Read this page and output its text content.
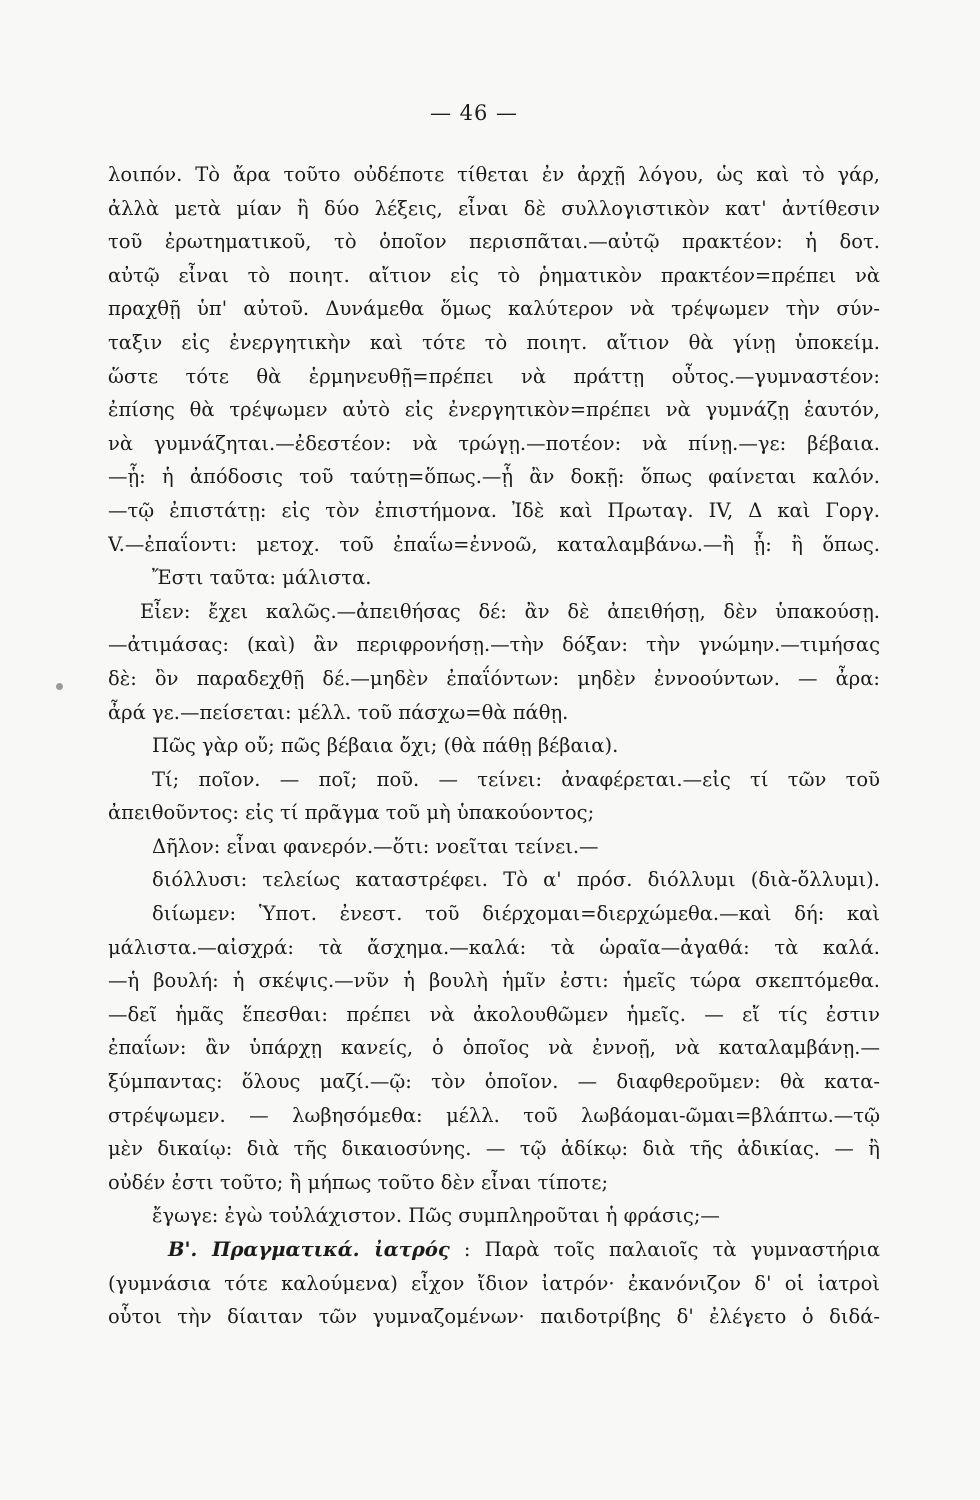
— 46 —
λοιπόν. Τὸ ἄρα τοῦτο οὐδέποτε τίθεται ἐν ἀρχῇ λόγου, ὡς καὶ τὸ γάρ,
ἀλλὰ μετὰ μίαν ἢ δύο λέξεις, εἶναι δὲ συλλογιστικὸν κατ' ἀντίθεσιν
τοῦ ἐρωτηματικοῦ, τὸ ὁποῖον περισπᾶται.—αὐτῷ πρακτέον: ἡ δοτ.
αὐτῷ εἶναι τὸ ποιητ. αἴτιον εἰς τὸ ῥηματικὸν πρακτέον=πρέπει νὰ
πραχθῇ ὑπ' αὐτοῦ. Δυνάμεθα ὅμως καλύτερον νὰ τρέψωμεν τὴν σύν-
ταξιν εἰς ἐνεργητικὴν καὶ τότε τὸ ποιητ. αἴτιον θὰ γίνῃ ὑποκείμ.
ὥστε τότε θὰ ἑρμηνευθῇ=πρέπει νὰ πράττῃ οὗτος.—γυμναστέον:
ἐπίσης θὰ τρέψωμεν αὐτὸ εἰς ἐνεργητικὸν=πρέπει νὰ γυμνάζῃ ἑαυτόν,
νὰ γυμνάζηται.—ἐδεστέον: νὰ τρώγῃ.—ποτέον: νὰ πίνῃ.—γε: βέβαια.
—ᾗ: ἡ ἀπόδοσις τοῦ ταύτῃ=ὅπως.—ᾗ ἂν δοκῇ: ὅπως φαίνεται καλόν.
—τῷ ἐπιστάτῃ: εἰς τὸν ἐπιστήμονα. Ἰδὲ καὶ Πρωταγ. IV, Δ καὶ Γοργ.
V.—ἐπαΐοντι: μετοχ. τοῦ ἐπαΐω=ἐννοῶ, καταλαμβάνω.—ἢ ᾗ: ἢ ὅπως.
Ἔστι ταῦτα: μάλιστα.
Εἶεν: ἔχει καλῶς.—ἀπειθήσας δέ: ἂν δὲ ἀπειθήσῃ, δὲν ὑπακούσῃ.
—ἀτιμάσας: (καὶ) ἂν περιφρονήσῃ.—τὴν δόξαν: τὴν γνώμην.—τιμήσας
δὲ: ὃν παραδεχθῇ δέ.—μηδὲν ἐπαΐόντων: μηδὲν ἐννοούντων. — ἆρα:
ἆρά γε.—πείσεται: μέλλ. τοῦ πάσχω=θὰ πάθῃ.
Πῶς γὰρ οὔ; πῶς βέβαια ὄχι; (θὰ πάθῃ βέβαια).
Τί; ποῖον. — ποῖ; ποῦ. — τείνει: ἀναφέρεται.—εἰς τί τῶν τοῦ
ἀπειθοῦντος: εἰς τί πρᾶγμα τοῦ μὴ ὑπακούοντος;
Δῆλον: εἶναι φανερόν.—ὅτι: νοεῖται τείνει.—
διόλλυσι: τελείως καταστρέφει. Τὸ α' πρόσ. διόλλυμι (διὰ-ὄλλυμι).
διίωμεν: Ὑποτ. ἐνεστ. τοῦ διέρχομαι=διερχώμεθα.—καὶ δή: καὶ
μάλιστα.—αἰσχρά: τὰ ἄσχημα.—καλά: τὰ ὡραῖα—ἀγαθά: τὰ καλά.
—ἡ βουλή: ἡ σκέψις.—νῦν ἡ βουλὴ ἡμῖν ἐστι: ἡμεῖς τώρα σκεπτόμεθα.
—δεῖ ἡμᾶς ἕπεσθαι: πρέπει νὰ ἀκολουθῶμεν ἡμεῖς. — εἴ τίς ἐστιν
ἐπαΐων: ἂν ὑπάρχῃ κανείς, ὁ ὁποῖος νὰ ἐννοῇ, νὰ καταλαμβάνῃ.—
ξύμπαντας: ὅλους μαζί.—ῷ: τὸν ὁποῖον. — διαφθεροῦμεν: θὰ κατα-
στρέψωμεν. — λωβησόμεθα: μέλλ. τοῦ λωβάομαι-ῶμαι=βλάπτω.—τῷ
μὲν δικαίῳ: διὰ τῆς δικαιοσύνης. — τῷ ἀδίκῳ: διὰ τῆς ἀδικίας. — ἢ
οὐδέν ἐστι τοῦτο; ἢ μήπως τοῦτο δὲν εἶναι τίποτε;
ἔγωγε: ἐγὼ τοὐλάχιστον. Πῶς συμπληροῦται ἡ φράσις;—
Β'. Πραγματικά. ἰατρός : Παρὰ τοῖς παλαιοῖς τὰ γυμναστήρια
(γυμνάσια τότε καλούμενα) εἶχον ἴδιον ἰατρόν· ἐκανόνιζον δ' οἱ ἰατροὶ
οὗτοι τὴν δίαιταν τῶν γυμναζομένων· παιδοτρίβης δ' ἐλέγετο ὁ διδά-
